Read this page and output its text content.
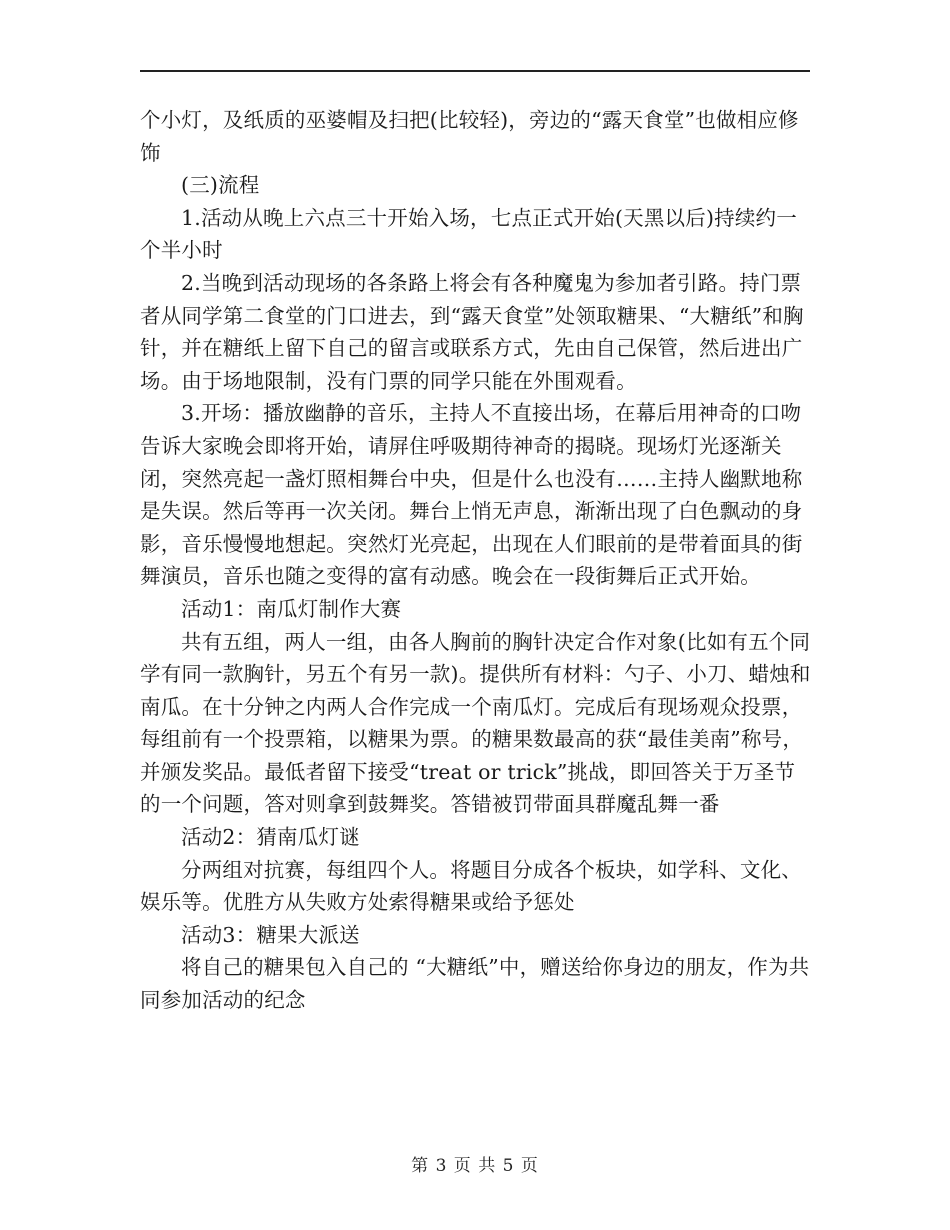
个小灯，及纸质的巫婆帽及扫把(比较轻)，旁边的“露天食堂”也做相应修饰

(三)流程

1.活动从晚上六点三十开始入场，七点正式开始(天黑以后)持续约一个半小时

2.当晚到活动现场的各条路上将会有各种魔鬼为参加者引路。持门票者从同学第二食堂的门口进去，到“露天食堂”处领取糖果、“大糖纸”和胸针，并在糖纸上留下自己的留言或联系方式，先由自己保管，然后进出广场。由于场地限制，没有门票的同学只能在外围观看。

3.开场：播放幽静的音乐，主持人不直接出场，在幕后用神奇的口吻告诉大家晚会即将开始，请屏住呼吸期待神奇的揭晓。现场灯光逐渐关闭，突然亮起一盏灯照相舞台中央，但是什么也没有……主持人幽默地称是失误。然后等再一次关闭。舞台上悄无声息，渐渐出现了白色飘动的身影，音乐慢慢地想起。突然灯光亮起，出现在人们眼前的是带着面具的街舞演员，音乐也随之变得的富有动感。晚会在一段街舞后正式开始。

活动1：南瓜灯制作大赛

共有五组，两人一组，由各人胸前的胸针决定合作对象(比如有五个同学有同一款胸针，另五个有另一款)。提供所有材料：勺子、小刀、蜡烛和南瓜。在十分钟之内两人合作完成一个南瓜灯。完成后有现场观众投票，每组前有一个投票箱，以糖果为票。的糖果数最高的获“最佳美南”称号，并颁发奖品。最低者留下接受“treat or trick”挑战，即回答关于万圣节的一个问题，答对则拿到鼓舞奖。答错被罚带面具群魔乱舞一番

活动2：猜南瓜灯谜

分两组对抗赛，每组四个人。将题目分成各个板块，如学科、文化、娱乐等。优胜方从失败方处索得糖果或给予惩处

活动3：糖果大派送

将自己的糖果包入自己的 “大糖纸”中，赠送给你身边的朋友，作为共同参加活动的纪念

第 3 页 共 5 页
